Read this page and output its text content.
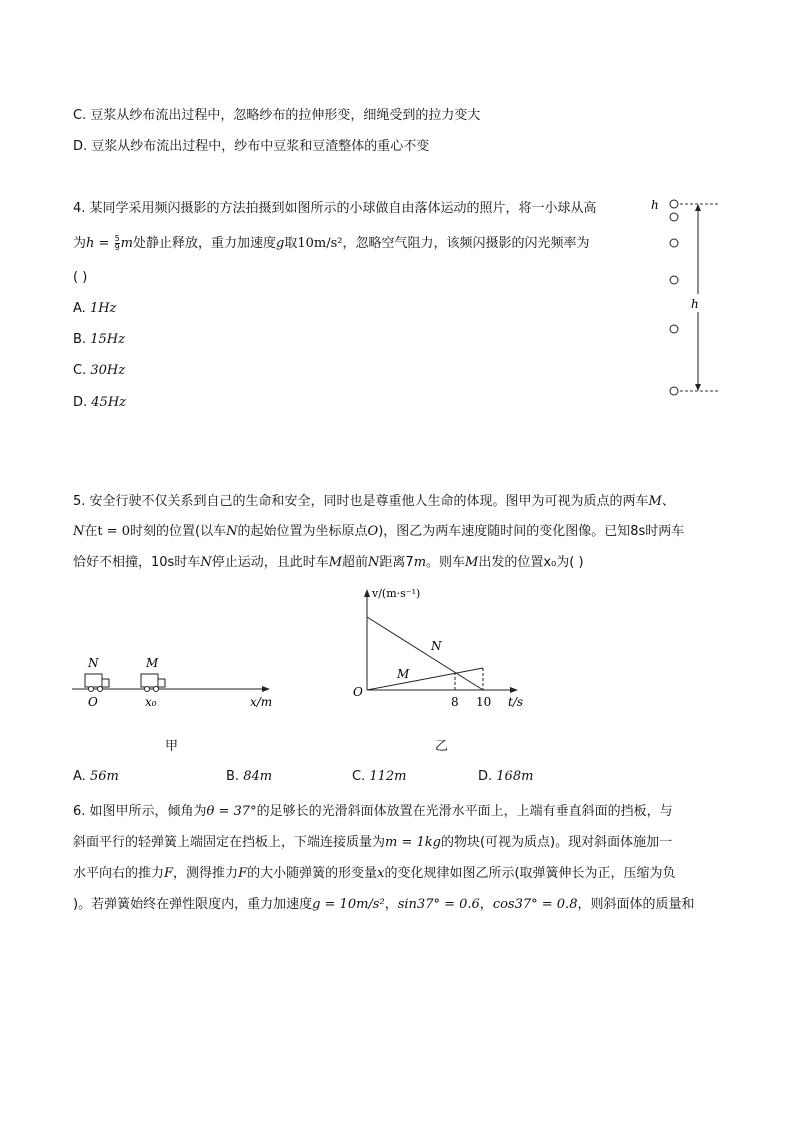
C. 豆浆从纱布流出过程中，忽略纱布的拉伸形变，细绳受到的拉力变大
D. 豆浆从纱布流出过程中，纱布中豆浆和豆渣整体的重心不变
4. 某同学采用频闪摄影的方法拍摄到如图所示的小球做自由落体运动的照片，将一小球从高
为$h = \frac{5}{9}$ m处静止释放，重力加速度g取10m/s²，忽略空气阻力，该频闪摄影的闪光频率为
( )
A. 1Hz
B. 15Hz
C. 30Hz
D. 45Hz
h
h
5. 安全行驶不仅关系到自己的生命和安全，同时也是尊重他人生命的体现。图甲为可视为质点的两车M、
N在t = 0时刻的位置(以车N的起始位置为坐标原点O)，图乙为两车速度随时间的变化图像。已知8s时两车
恰好不相撞，10s时车N停止运动，且此时车M超前N距离7m。则车M出发的位置x₀为( )
N	M
O	x₀	x/m
甲
v/(m·s⁻¹)
t/s
O
N
M
8 10
乙
A. 56m	B. 84m	C. 112m	D. 168m
6. 如图甲所示，倾角为θ = 37°的足够长的光滑斜面体放置在光滑水平面上，上端有垂直斜面的挡板，与
斜面平行的轻弹簧上端固定在挡板上，下端连接质量为m = 1kg的物块(可视为质点)。现对斜面体施加一
水平向右的推力F，测得推力F的大小随弹簧的形变量x的变化规律如图乙所示(取弹簧伸长为正，压缩为负
)。若弹簧始终在弹性限度内，重力加速度g = 10m/s²，sin37° = 0.6，cos37° = 0.8，则斜面体的质量和
